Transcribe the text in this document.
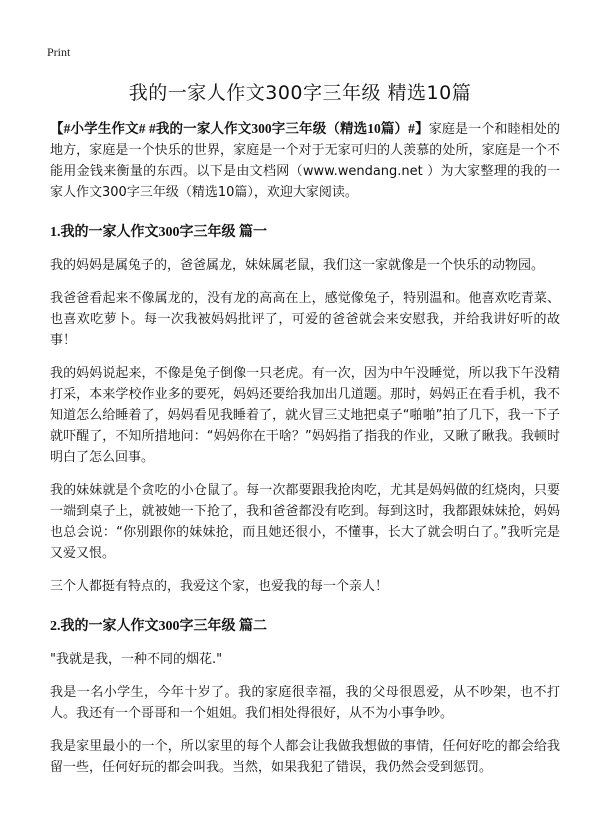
Print
我的一家人作文300字三年级 精选10篇

【#小学生作文# #我的一家人作文300字三年级（精选10篇）#】家庭是一个和睦相处的地方，家庭是一个快乐的世界，家庭是一个对于无家可归的人羡慕的处所，家庭是一个不能用金钱来衡量的东西。以下是由文档网（www.wendang.net ）为大家整理的我的一家人作文300字三年级（精选10篇），欢迎大家阅读。

1.我的一家人作文300字三年级 篇一

我的妈妈是属兔子的，爸爸属龙，妹妹属老鼠，我们这一家就像是一个快乐的动物园。

我爸爸看起来不像属龙的，没有龙的高高在上，感觉像兔子，特别温和。他喜欢吃青菜、也喜欢吃萝卜。每一次我被妈妈批评了，可爱的爸爸就会来安慰我，并给我讲好听的故事！

我的妈妈说起来，不像是兔子倒像一只老虎。有一次，因为中午没睡觉，所以我下午没精打采，本来学校作业多的要死，妈妈还要给我加出几道题。那时，妈妈正在看手机，我不知道怎么给睡着了，妈妈看见我睡着了，就火冒三丈地把桌子“啪啪”拍了几下，我一下子就吓醒了，不知所措地问：“妈妈你在干啥？”妈妈指了指我的作业，又瞅了瞅我。我顿时明白了怎么回事。

我的妹妹就是个贪吃的小仓鼠了。每一次都要跟我抢肉吃，尤其是妈妈做的红烧肉，只要一端到桌子上，就被她一下抢了，我和爸爸都没有吃到。每到这时，我都跟妹妹抢，妈妈也总会说：“你别跟你的妹妹抢，而且她还很小，不懂事，长大了就会明白了。”我听完是又爱又恨。

三个人都挺有特点的，我爱这个家，也爱我的每一个亲人！

2.我的一家人作文300字三年级 篇二

"我就是我，一种不同的烟花."

我是一名小学生，今年十岁了。我的家庭很幸福，我的父母很恩爱，从不吵架，也不打人。我还有一个哥哥和一个姐姐。我们相处得很好，从不为小事争吵。

我是家里最小的一个，所以家里的每个人都会让我做我想做的事情，任何好吃的都会给我留一些，任何好玩的都会叫我。当然，如果我犯了错误，我仍然会受到惩罚。
